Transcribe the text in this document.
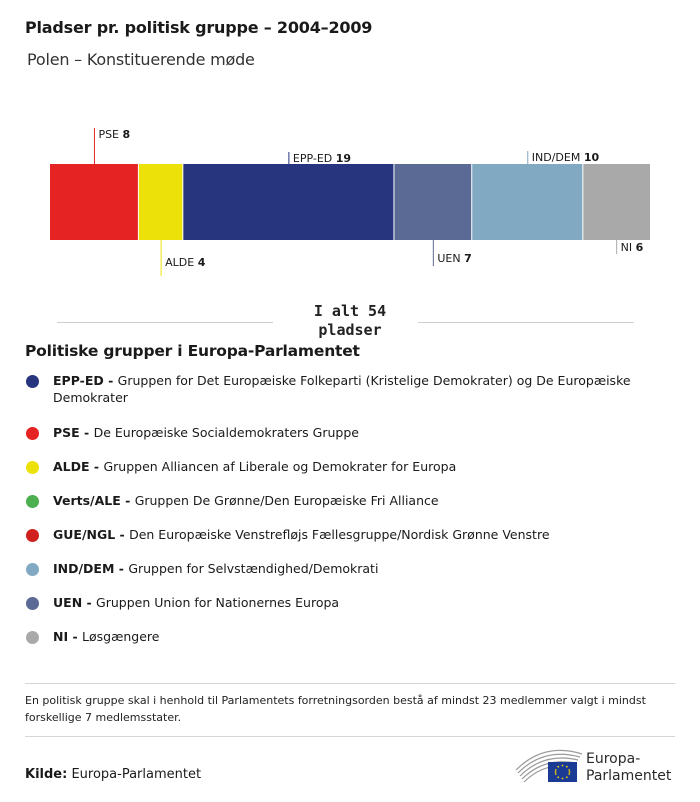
Pladser pr. politisk gruppe – 2004–2009
Polen – Konstituerende møde
PSE 8
ALDE 4
EPP-ED 19
UEN 7
IND/DEM 10
NI 6
I alt 54
pladser
Politiske grupper i Europa-Parlamentet
EPP-ED - Gruppen for Det Europæiske Folkeparti (Kristelige Demokrater) og De Europæiske Demokrater
PSE - De Europæiske Socialdemokraters Gruppe
ALDE - Gruppen Alliancen af Liberale og Demokrater for Europa
Verts/ALE - Gruppen De Grønne/Den Europæiske Fri Alliance
GUE/NGL - Den Europæiske Venstrefløjs Fællesgruppe/Nordisk Grønne Venstre
IND/DEM - Gruppen for Selvstændighed/Demokrati
UEN - Gruppen Union for Nationernes Europa
NI - Løsgængere
En politisk gruppe skal i henhold til Parlamentets forretningsorden bestå af mindst 23 medlemmer valgt i mindst forskellige 7 medlemsstater.
Kilde: Europa-Parlamentet
Europa-
Parlamentet
